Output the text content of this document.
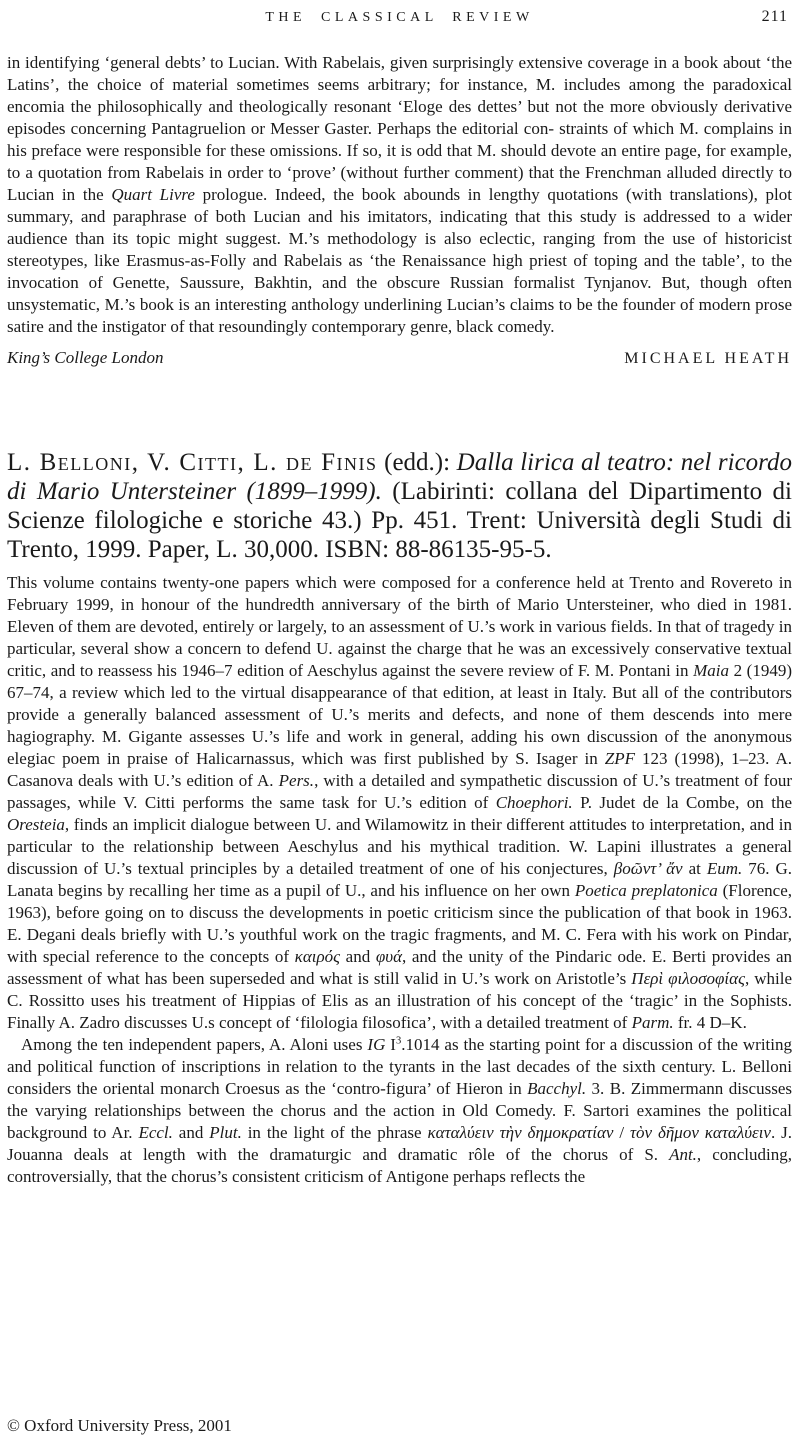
THE CLASSICAL REVIEW	211

in identifying ‘general debts’ to Lucian. With Rabelais, given surprisingly extensive coverage in a book about ‘the Latins’, the choice of material sometimes seems arbitrary; for instance, M. includes among the paradoxical encomia the philosophically and theologically resonant ‘Eloge des dettes’ but not the more obviously derivative episodes concerning Pantagruelion or Messer Gaster. Perhaps the editorial con- straints of which M. complains in his preface were responsible for these omissions. If so, it is odd that M. should devote an entire page, for example, to a quotation from Rabelais in order to ‘prove’ (without further comment) that the Frenchman alluded directly to Lucian in the Quart Livre prologue. Indeed, the book abounds in lengthy quotations (with translations), plot summary, and paraphrase of both Lucian and his imitators, indicating that this study is addressed to a wider audience than its topic might suggest. M.’s methodology is also eclectic, ranging from the use of historicist stereotypes, like Erasmus-as-Folly and Rabelais as ‘the Renaissance high priest of toping and the table’, to the invocation of Genette, Saussure, Bakhtin, and the obscure Russian formalist Tynjanov. But, though often unsystematic, M.’s book is an interesting anthology underlining Lucian’s claims to be the founder of modern prose satire and the instigator of that resoundingly contemporary genre, black comedy.

King’s College London	MICHAEL HEATH
L. Belloni, V. Citti, L. de Finis (edd.): Dalla lirica al teatro: nel ricordo di Mario Untersteiner (1899–1999). (Labirinti: collana del Dipartimento di Scienze filologiche e storiche 43.) Pp. 451. Trent: Università degli Studi di Trento, 1999. Paper, L. 30,000. ISBN: 88-86135-95-5.

This volume contains twenty-one papers which were composed for a conference held at Trento and Rovereto in February 1999, in honour of the hundredth anniversary of the birth of Mario Untersteiner, who died in 1981. Eleven of them are devoted, entirely or largely, to an assessment of U.’s work in various fields. In that of tragedy in particular, several show a concern to defend U. against the charge that he was an excessively conservative textual critic, and to reassess his 1946–7 edition of Aeschylus against the severe review of F. M. Pontani in Maia 2 (1949) 67–74, a review which led to the virtual disappearance of that edition, at least in Italy. But all of the contributors provide a generally balanced assessment of U.’s merits and defects, and none of them descends into mere hagiography. M. Gigante assesses U.’s life and work in general, adding his own discussion of the anonymous elegiac poem in praise of Halicarnassus, which was first published by S. Isager in ZPF 123 (1998), 1–23. A. Casanova deals with U.’s edition of A. Pers., with a detailed and sympathetic discussion of U.’s treatment of four passages, while V. Citti performs the same task for U.’s edition of Choephori. P. Judet de la Combe, on the Oresteia, finds an implicit dialogue between U. and Wilamowitz in their different attitudes to interpretation, and in particular to the relationship between Aeschylus and his mythical tradition. W. Lapini illustrates a general discussion of U.’s textual principles by a detailed treatment of one of his conjectures, βοῶντ’ ἄν at Eum. 76. G. Lanata begins by recalling her time as a pupil of U., and his influence on her own Poetica preplatonica (Florence, 1963), before going on to discuss the developments in poetic criticism since the publication of that book in 1963. E. Degani deals briefly with U.’s youthful work on the tragic fragments, and M. C. Fera with his work on Pindar, with special reference to the concepts of καιρός and φυά, and the unity of the Pindaric ode. E. Berti provides an assessment of what has been superseded and what is still valid in U.’s work on Aristotle’s Περὶ φιλοσοφίας, while C. Rossitto uses his treatment of Hippias of Elis as an illustration of his concept of the ‘tragic’ in the Sophists. Finally A. Zadro discusses U.s concept of ‘filologia filosofica’, with a detailed treatment of Parm. fr. 4 D–K.

Among the ten independent papers, A. Aloni uses IG $I^3.1014$ as the starting point for a discussion of the writing and political function of inscriptions in relation to the tyrants in the last decades of the sixth century. L. Belloni considers the oriental monarch Croesus as the ‘contro-figura’ of Hieron in Bacchyl. 3. B. Zimmermann discusses the varying relationships between the chorus and the action in Old Comedy. F. Sartori examines the political background to Ar. Eccl. and Plut. in the light of the phrase καταλύειν τὴν δημοκρατίαν / τὸν δῆμον καταλύειν. J. Jouanna deals at length with the dramaturgic and dramatic rôle of the chorus of S. Ant., concluding, controversially, that the chorus’s consistent criticism of Antigone perhaps reflects the

© Oxford University Press, 2001
